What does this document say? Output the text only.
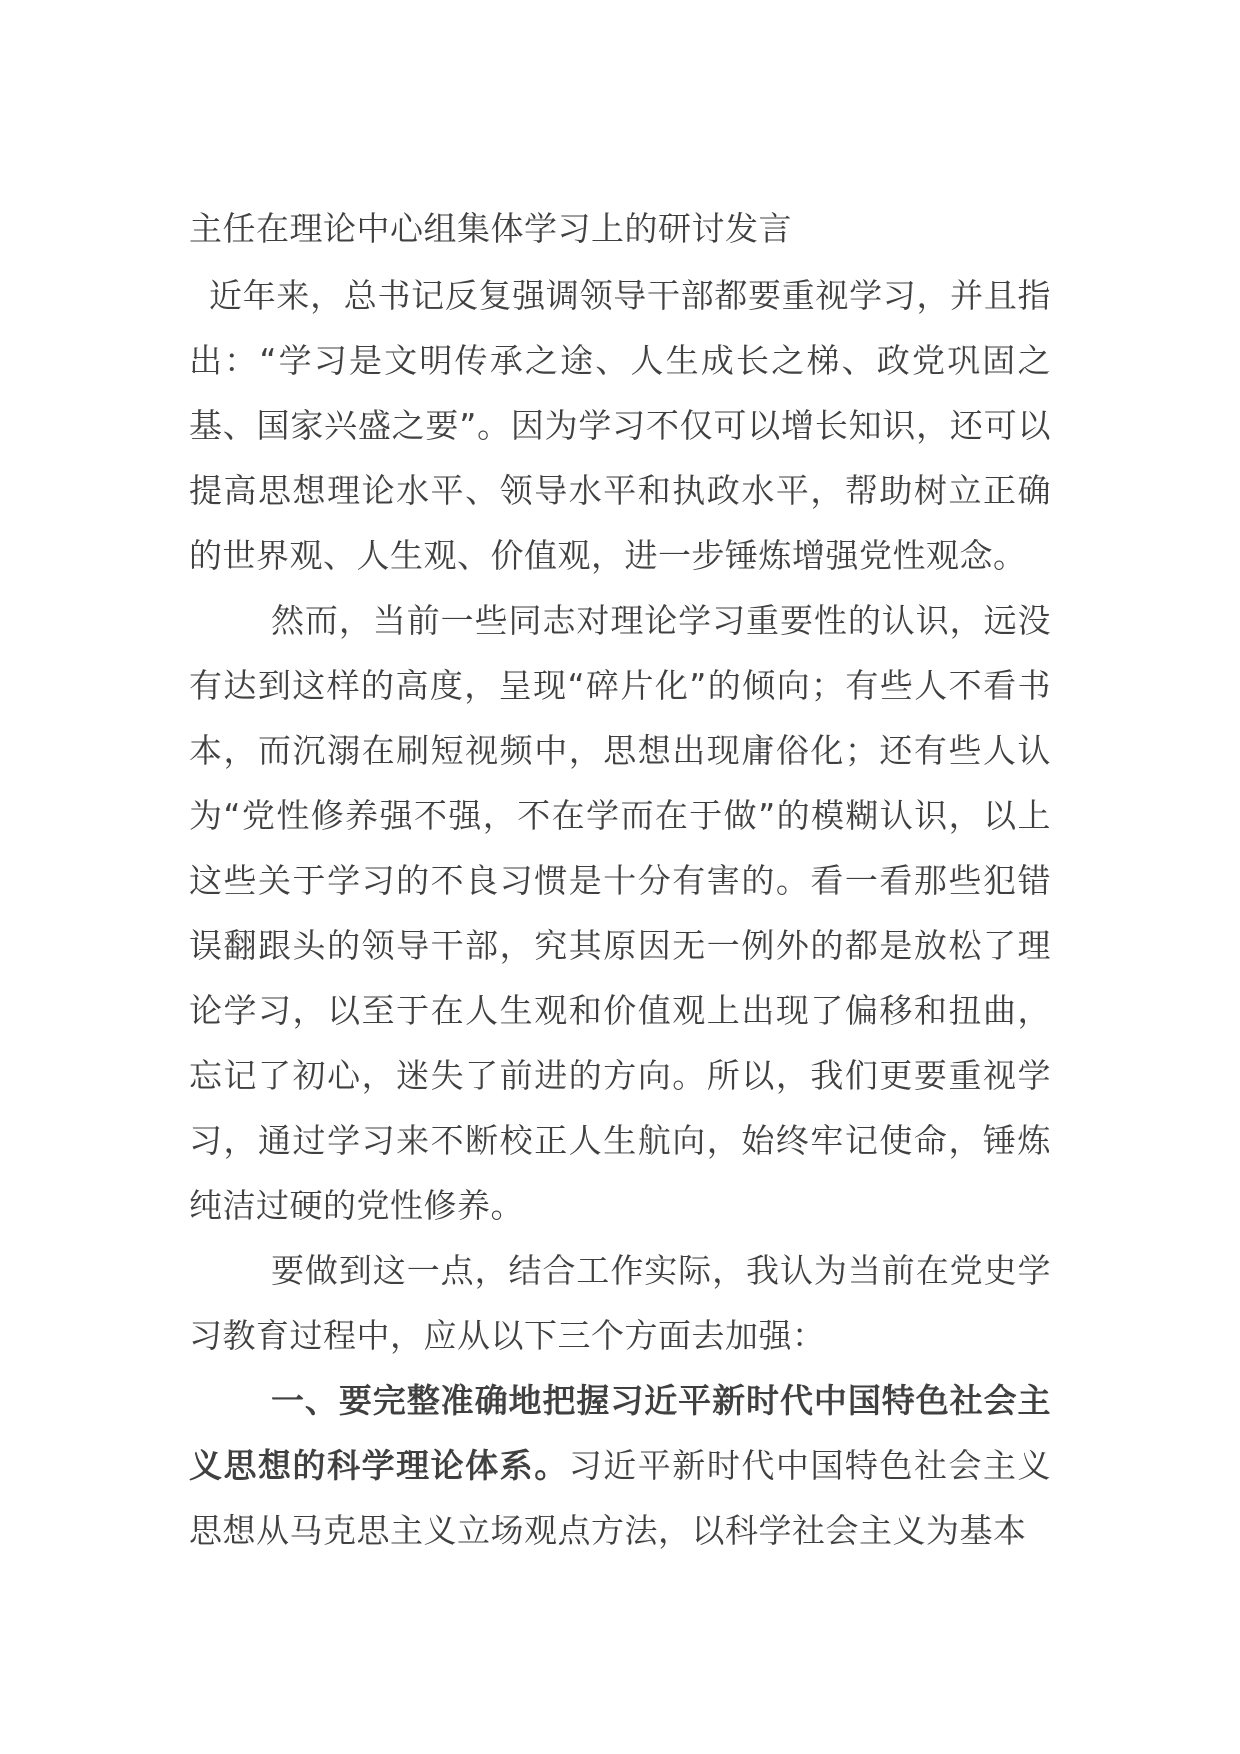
主任在理论中心组集体学习上的研讨发言

近年来，总书记反复强调领导干部都要重视学习，并且指出：“学习是文明传承之途、人生成长之梯、政党巩固之基、国家兴盛之要”。因为学习不仅可以增长知识，还可以提高思想理论水平、领导水平和执政水平，帮助树立正确的世界观、人生观、价值观，进一步锤炼增强党性观念。

然而，当前一些同志对理论学习重要性的认识，远没有达到这样的高度，呈现“碎片化”的倾向；有些人不看书本，而沉溺在刷短视频中，思想出现庸俗化；还有些人认为“党性修养强不强，不在学而在于做”的模糊认识，以上这些关于学习的不良习惯是十分有害的。看一看那些犯错误翻跟头的领导干部，究其原因无一例外的都是放松了理论学习，以至于在人生观和价值观上出现了偏移和扭曲，忘记了初心，迷失了前进的方向。所以，我们更要重视学习，通过学习来不断校正人生航向，始终牢记使命，锤炼纯洁过硬的党性修养。

要做到这一点，结合工作实际，我认为当前在党史学习教育过程中，应从以下三个方面去加强：

一、要完整准确地把握习近平新时代中国特色社会主义思想的科学理论体系。习近平新时代中国特色社会主义思想从马克思主义立场观点方法，以科学社会主义为基本
